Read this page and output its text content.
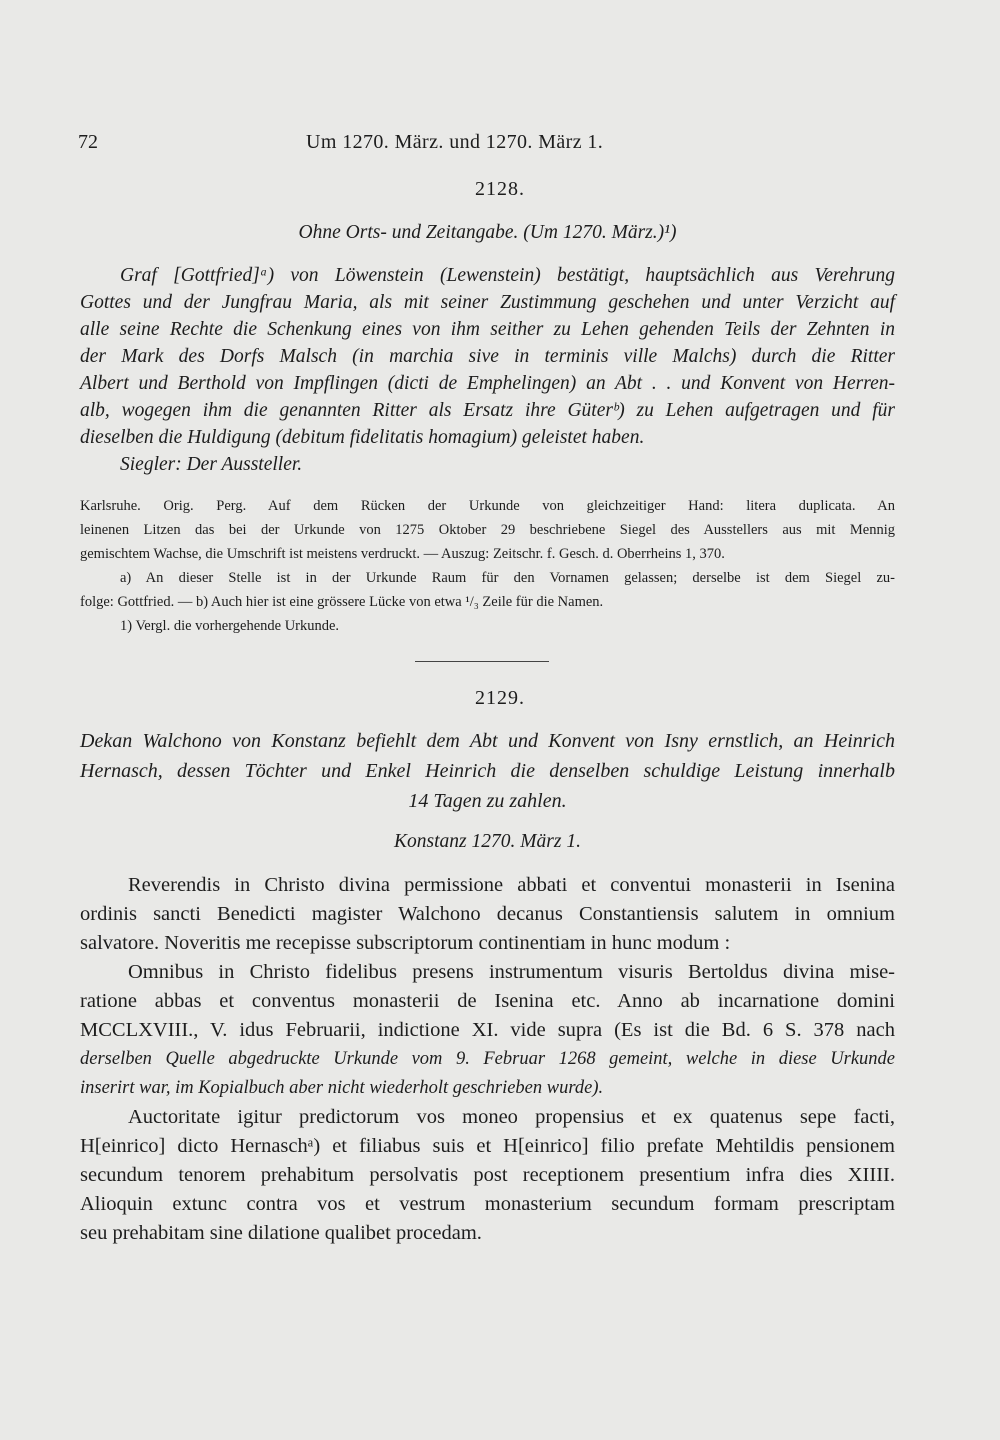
72	Um 1270. März. und 1270. März 1.
2128.
Ohne Orts- und Zeitangabe. (Um 1270. März.)¹)
Graf [Gottfried]ᵃ) von Löwenstein (Lewenstein) bestätigt, hauptsächlich aus Verehrung
Gottes und der Jungfrau Maria, als mit seiner Zustimmung geschehen und unter Verzicht auf
alle seine Rechte die Schenkung eines von ihm seither zu Lehen gehenden Teils der Zehnten in
der Mark des Dorfs Malsch (in marchia sive in terminis ville Malchs) durch die Ritter
Albert und Berthold von Impflingen (dicti de Emphelingen) an Abt . . und Konvent von Herren-
alb, wogegen ihm die genannten Ritter als Ersatz ihre Güterᵇ) zu Lehen aufgetragen und für
dieselben die Huldigung (debitum fidelitatis homagium) geleistet haben.
Siegler: Der Aussteller.
Karlsruhe. Orig. Perg. Auf dem Rücken der Urkunde von gleichzeitiger Hand: litera duplicata. An
leinenen Litzen das bei der Urkunde von 1275 Oktober 29 beschriebene Siegel des Ausstellers aus mit Mennig
gemischtem Wachse, die Umschrift ist meistens verdruckt. — Auszug: Zeitschr. f. Gesch. d. Oberrheins 1, 370.
a) An dieser Stelle ist in der Urkunde Raum für den Vornamen gelassen; derselbe ist dem Siegel zu-
folge: Gottfried. — b) Auch hier ist eine grössere Lücke von etwa ¹/₃ Zeile für die Namen.
1) Vergl. die vorhergehende Urkunde.
2129.
Dekan Walchono von Konstanz befiehlt dem Abt und Konvent von Isny ernstlich, an Heinrich
Hernasch, dessen Töchter und Enkel Heinrich die denselben schuldige Leistung innerhalb
14 Tagen zu zahlen.
Konstanz 1270. März 1.
Reverendis in Christo divina permissione abbati et conventui monasterii in Isenina
ordinis sancti Benedicti magister Walchono decanus Constantiensis salutem in omnium
salvatore. Noveritis me recepisse subscriptorum continentiam in hunc modum :
Omnibus in Christo fidelibus presens instrumentum visuris Bertoldus divina mise-
ratione abbas et conventus monasterii de Isenina etc. Anno ab incarnatione domini
MCCLXVIII., V. idus Februarii, indictione XI. vide supra (Es ist die Bd. 6 S. 378 nach
derselben Quelle abgedruckte Urkunde vom 9. Februar 1268 gemeint, welche in diese Urkunde
inserirt war, im Kopialbuch aber nicht wiederholt geschrieben wurde).
Auctoritate igitur predictorum vos moneo propensius et ex quatenus sepe facti,
H[einrico] dicto Hernaschᵃ) et filiabus suis et H[einrico] filio prefate Mehtildis pensionem
secundum tenorem prehabitum persolvatis post receptionem presentium infra dies XIIII.
Alioquin extunc contra vos et vestrum monasterium secundum formam prescriptam
seu prehabitam sine dilatione qualibet procedam.
